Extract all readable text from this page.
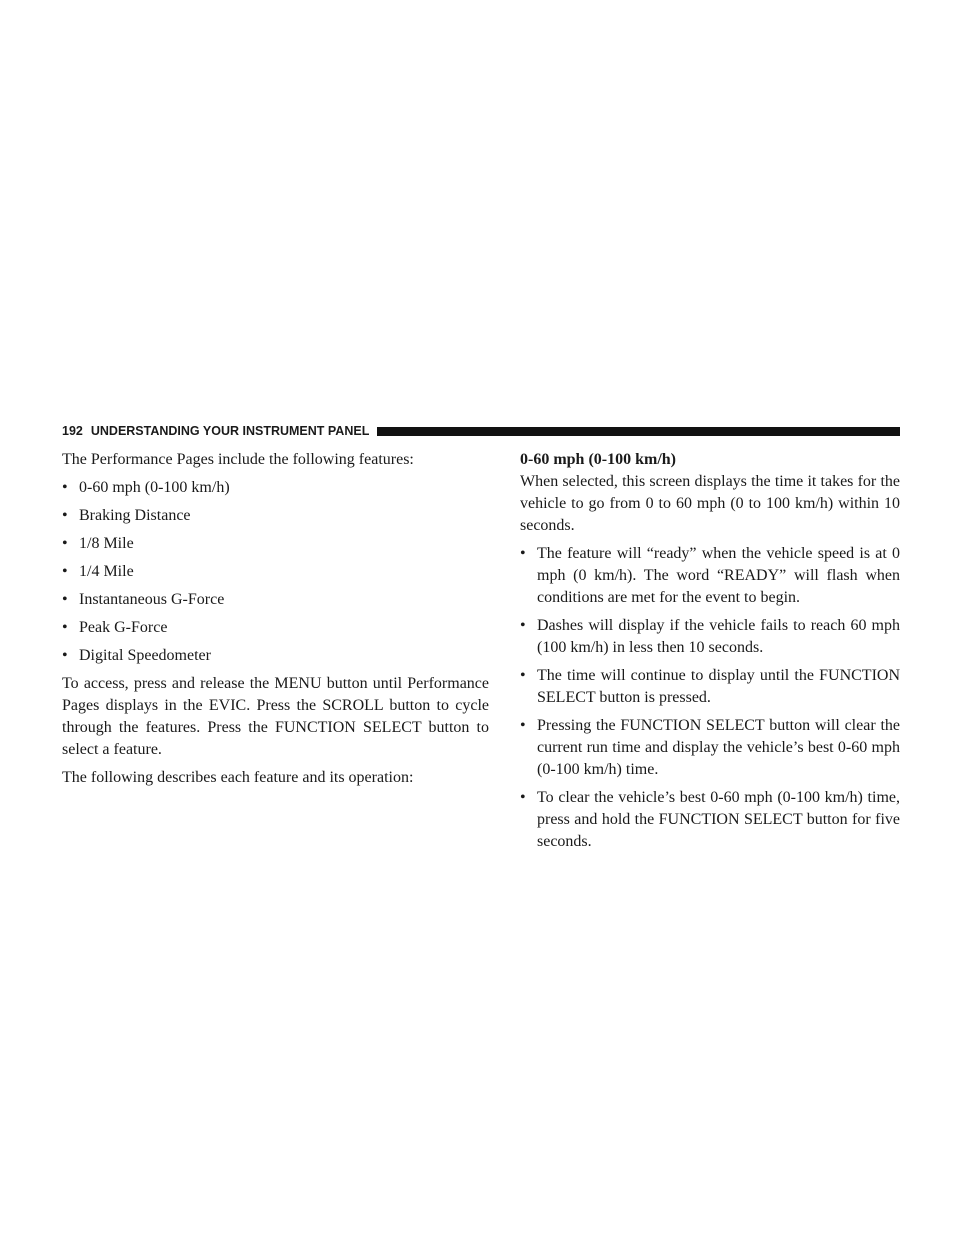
192 UNDERSTANDING YOUR INSTRUMENT PANEL

The Performance Pages include the following features:

• 0-60 mph (0-100 km/h)
• Braking Distance
• 1/8 Mile
• 1/4 Mile
• Instantaneous G-Force
• Peak G-Force
• Digital Speedometer

To access, press and release the MENU button until Performance Pages displays in the EVIC. Press the SCROLL button to cycle through the features. Press the FUNCTION SELECT button to select a feature.

The following describes each feature and its operation:

0-60 mph (0-100 km/h)

When selected, this screen displays the time it takes for the vehicle to go from 0 to 60 mph (0 to 100 km/h) within 10 seconds.

• The feature will “ready” when the vehicle speed is at 0 mph (0 km/h). The word “READY” will flash when conditions are met for the event to begin.
• Dashes will display if the vehicle fails to reach 60 mph (100 km/h) in less then 10 seconds.
• The time will continue to display until the FUNCTION SELECT button is pressed.
• Pressing the FUNCTION SELECT button will clear the current run time and display the vehicle’s best 0-60 mph (0-100 km/h) time.
• To clear the vehicle’s best 0-60 mph (0-100 km/h) time, press and hold the FUNCTION SELECT button for five seconds.
